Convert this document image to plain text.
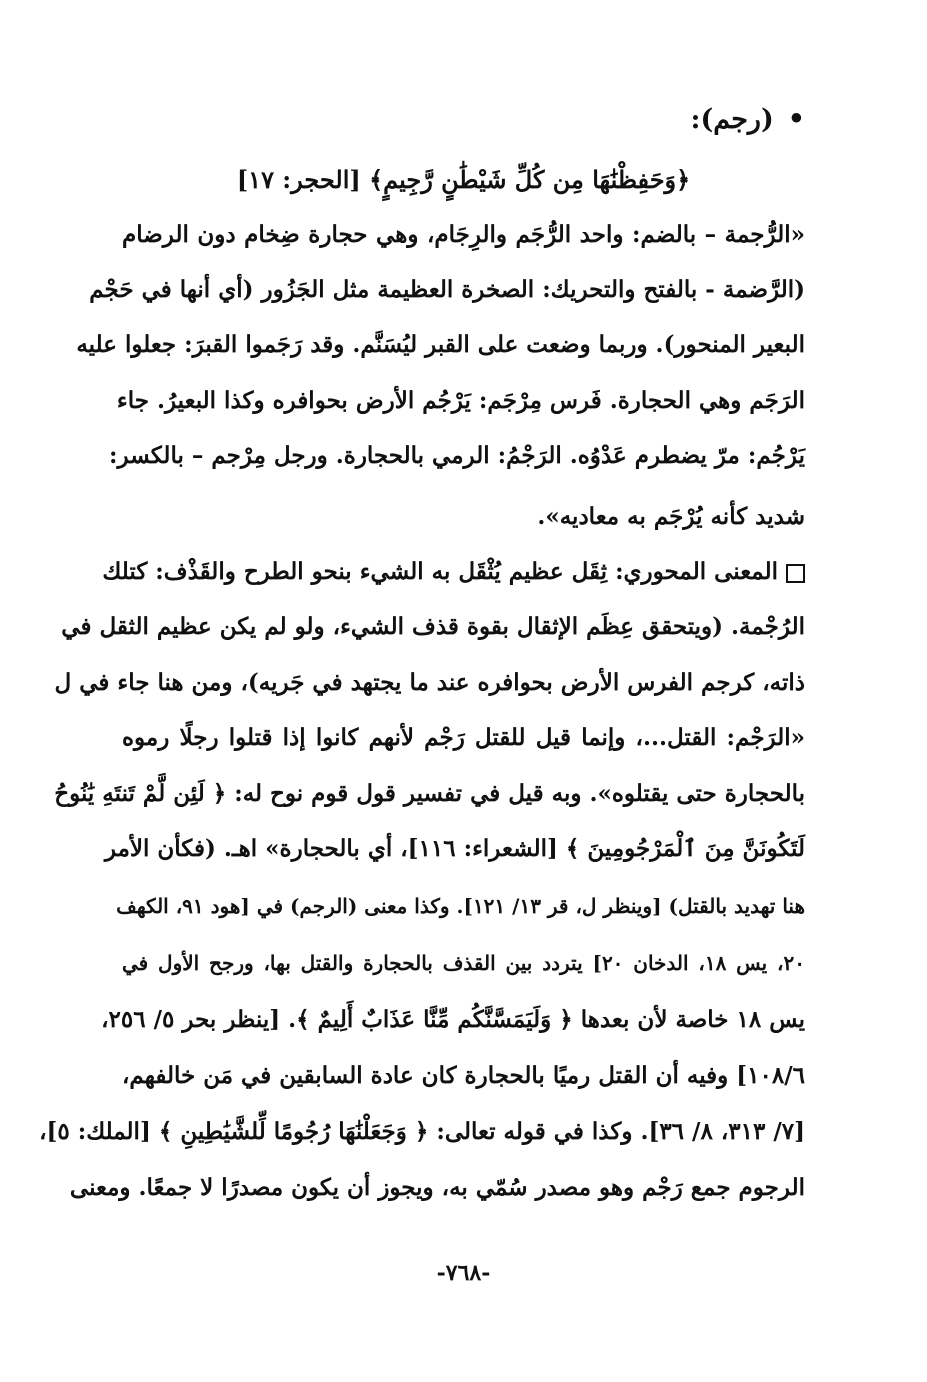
•(رجم):
﴿وَحَفِظْنَٰهَا مِن كُلِّ شَيْطَٰنٍ رَّجِيمٍ﴾ [الحجر: ١٧]
«الرُّجمة – بالضم: واحد الرُّجَم والرِجَام، وهي حجارة ضِخام دون الرضام
(الرَّضمة - بالفتح والتحريك: الصخرة العظيمة مثل الجَزُور (أي أنها في حَجْم
البعير المنحور). وربما وضعت على القبر ليُسَنَّم. وقد رَجَموا القبرَ: جعلوا عليه
الرَجَم وهي الحجارة. فَرس مِرْجَم: يَرْجُم الأرض بحوافره وكذا البعيرُ. جاء
يَرْجُم: مرّ يضطرم عَدْوُه. الرَجْمُ: الرمي بالحجارة. ورجل مِرْجم – بالكسر:
شديد كأنه يُرْجَم به معاديه».
المعنى المحوري: ثِقَل عظيم يُثْقَل به الشيء بنحو الطرح والقَذْف: كتلك
الرُجْمة. (ويتحقق عِظَم الإثقال بقوة قذف الشيء، ولو لم يكن عظيم الثقل في
ذاته، كرجم الفرس الأرض بحوافره عند ما يجتهد في جَريه)، ومن هنا جاء في ل
«الرَجْم: القتل...، وإنما قيل للقتل رَجْم لأنهم كانوا إذا قتلوا رجلًا رموه
بالحجارة حتى يقتلوه». وبه قيل في تفسير قول قوم نوح له: ﴿ لَئِن لَّمْ تَنتَهِ يَٰنُوحُ
لَتَكُونَنَّ مِنَ ٱلْمَرْجُومِينَ ﴾ [الشعراء: ١١٦]، أي بالحجارة» اهـ. (فكأن الأمر
هنا تهديد بالقتل) [وينظر ل، قر ١٣/ ١٢١]. وكذا معنى (الرجم) في [هود ٩١، الكهف
٢٠، يس ١٨، الدخان ٢٠] يتردد بين القذف بالحجارة والقتل بها، ورجح الأول في
يس ١٨ خاصة لأن بعدها ﴿ وَلَيَمَسَّنَّكُم مِّنَّا عَذَابٌ أَلِيمٌ ﴾. [ينظر بحر ٥/ ٢٥٦،
١٠٨/٦] وفيه أن القتل رميًا بالحجارة كان عادة السابقين في مَن خالفهم،
[٧/ ٣١٣، ٨/ ٣٦]. وكذا في قوله تعالى: ﴿ وَجَعَلْنَٰهَا رُجُومًا لِّلشَّيَٰطِينِ ﴾ [الملك: ٥]،
الرجوم جمع رَجْم وهو مصدر سُمّي به، ويجوز أن يكون مصدرًا لا جمعًا. ومعنى
-٧٦٨-
